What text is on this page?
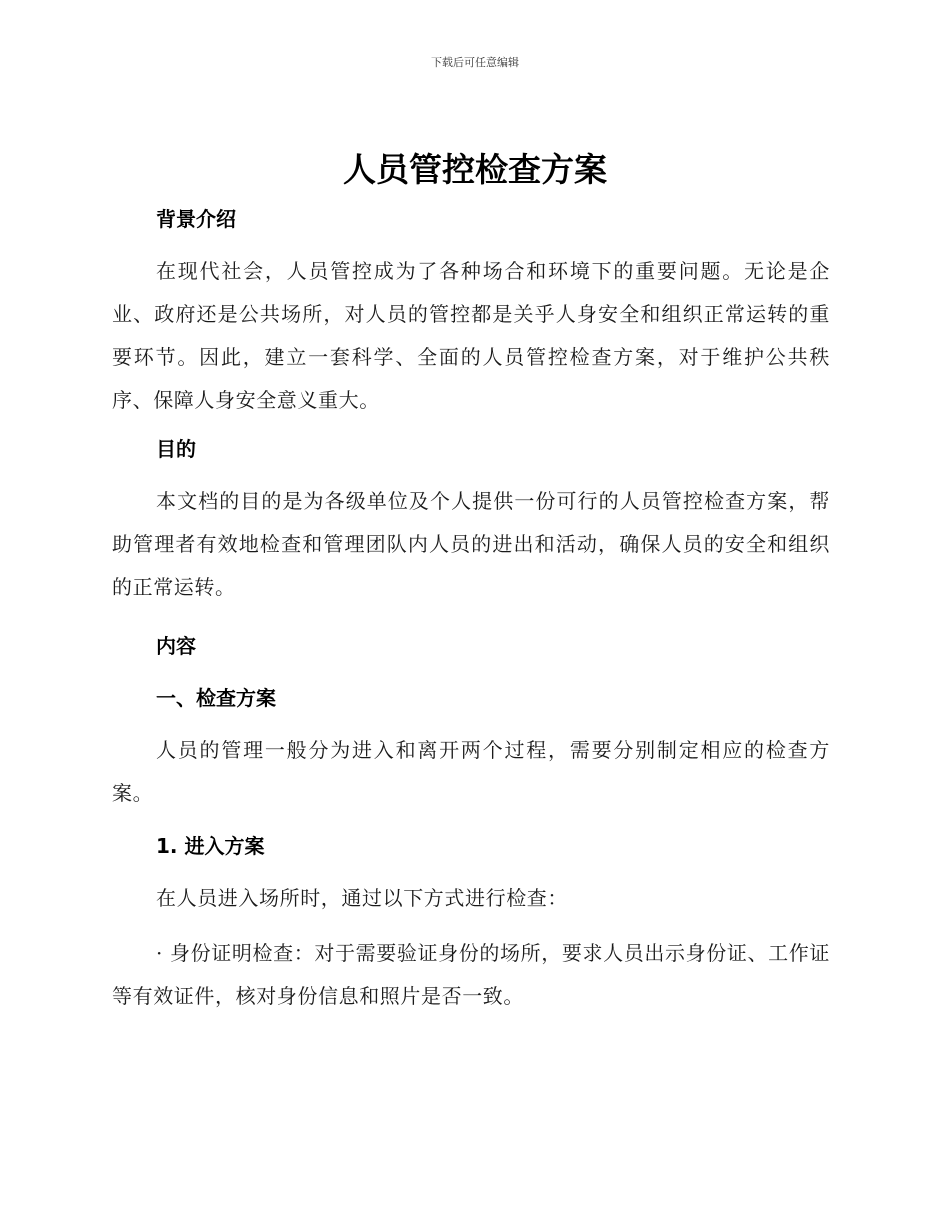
下载后可任意编辑
人员管控检查方案
背景介绍

在现代社会，人员管控成为了各种场合和环境下的重要问题。无论是企业、政府还是公共场所，对人员的管控都是关乎人身安全和组织正常运转的重要环节。因此，建立一套科学、全面的人员管控检查方案，对于维护公共秩序、保障人身安全意义重大。

目的

本文档的目的是为各级单位及个人提供一份可行的人员管控检查方案，帮助管理者有效地检查和管理团队内人员的进出和活动，确保人员的安全和组织的正常运转。

内容
一、检查方案

人员的管理一般分为进入和离开两个过程，需要分别制定相应的检查方案。

1. 进入方案

在人员进入场所时，通过以下方式进行检查：

· 身份证明检查：对于需要验证身份的场所，要求人员出示身份证、工作证等有效证件，核对身份信息和照片是否一致。
